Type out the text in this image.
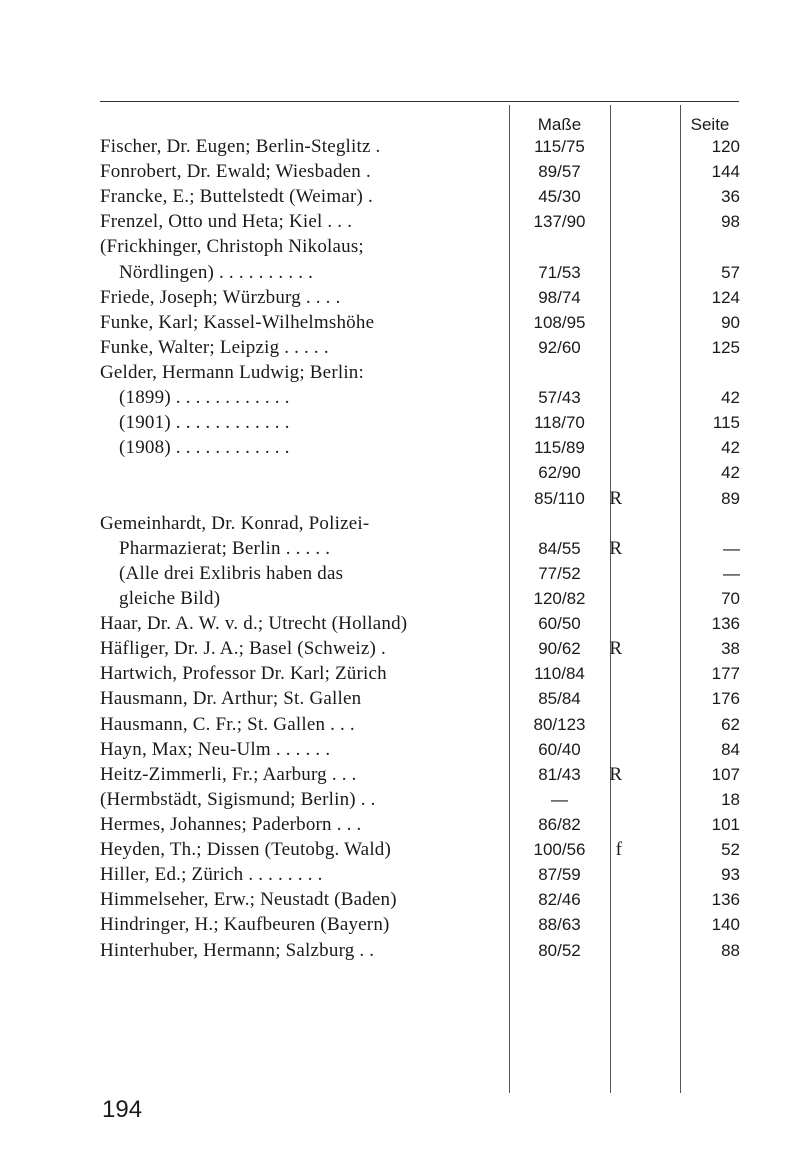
Maße	Seite
Fischer, Dr. Eugen; Berlin-Steglitz .	115/75	120
Fonrobert, Dr. Ewald; Wiesbaden .	89/57	144
Francke, E.; Buttelstedt (Weimar) .	45/30	36
Frenzel, Otto und Heta; Kiel . . .	137/90	98
(Frickhinger, Christoph Nikolaus;
Nördlingen) . . . . . . . . . .	71/53	57
Friede, Joseph; Würzburg . . . .	98/74	124
Funke, Karl; Kassel-Wilhelmshöhe	108/95	90
Funke, Walter; Leipzig . . . . .	92/60	125
Gelder, Hermann Ludwig; Berlin:
(1899) . . . . . . . . . . . .	57/43	42
(1901) . . . . . . . . . . . .	118/70	115
(1908) . . . . . . . . . . . .	115/89	42
62/90	42
85/110	R	89
Gemeinhardt, Dr. Konrad, Polizei-
Pharmazierat; Berlin . . . . .	84/55	R	—
(Alle drei Exlibris haben das	77/52	—
gleiche Bild)	120/82	70
Haar, Dr. A. W. v. d.; Utrecht (Holland)	60/50	136
Häfliger, Dr. J. A.; Basel (Schweiz) .	90/62	R	38
Hartwich, Professor Dr. Karl; Zürich	110/84	177
Hausmann, Dr. Arthur; St. Gallen	85/84	176
Hausmann, C. Fr.; St. Gallen . . .	80/123	62
Hayn, Max; Neu-Ulm . . . . . .	60/40	84
Heitz-Zimmerli, Fr.; Aarburg . . .	81/43	R	107
(Hermbstädt, Sigismund; Berlin) . .	—	18
Hermes, Johannes; Paderborn . . .	86/82	101
Heyden, Th.; Dissen (Teutobg. Wald)	100/56	f	52
Hiller, Ed.; Zürich . . . . . . . .	87/59	93
Himmelseher, Erw.; Neustadt (Baden)	82/46	136
Hindringer, H.; Kaufbeuren (Bayern)	88/63	140
Hinterhuber, Hermann; Salzburg . .	80/52	88
194
